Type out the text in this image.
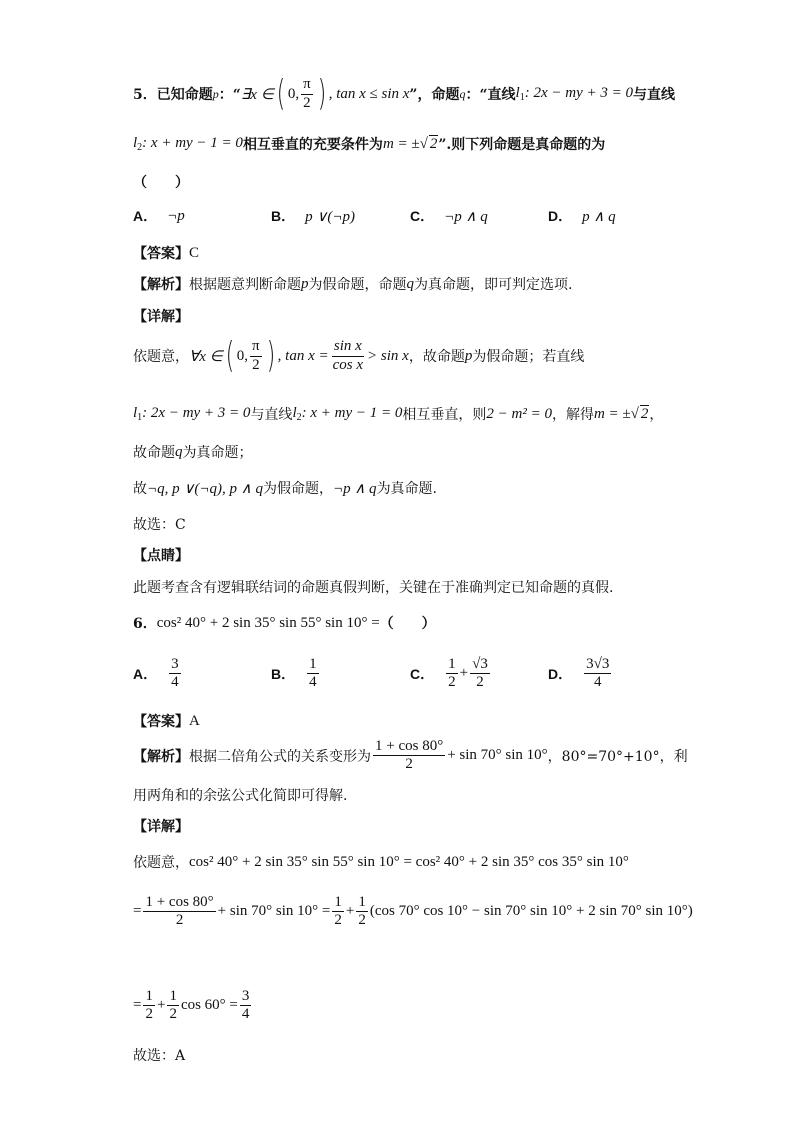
5． 已知命题 p ：“ ∃x ∈ ( 0, $\frac{\pi}{2}$ ) , tan x ≤ sin x ”，命题 q ：“直线 $l_1$: 2x − my + 3 = 0 与直线
$l_2$: x + my − 1 = 0 相互垂直的充要条件为 m = ±√ 2 ”.则下列命题是真命题的为
（　　）
A． ¬p	B． p ∨(¬p)	C． ¬p ∧ q	D． p ∧ q
【答案】 C
【解析】 根据题意判断命题 p 为假命题，命题 q 为真命题，即可判定选项.
【详解】
依题意， ∀x ∈ ( 0, $\frac{\pi}{2}$ ) , $\tan x = \frac{\text{sin x}}{\text{cos x}} > \sin x$ ，故命题 p 为假命题；若直线
$l_1$: 2x − my + 3 = 0 与直线 $l_2$: x + my − 1 = 0 相互垂直，则 2 − m² = 0 ，解得 m = ±√ 2 ，
故命题 q 为真命题；
故 ¬q, p ∨(¬q), p ∧ q 为假命题， ¬p ∧ q 为真命题.
故选：C
【点睛】
此题考查含有逻辑联结词的命题真假判断，关键在于准确判定已知命题的真假.
6． cos² 40° + 2 sin 35° sin 55° sin 10° = （　　）
A． $\frac{3}{4}$	B． $\frac{1}{4}$	C． $\frac{1}{2} + \frac{√3}{2}$	D． $\frac{3√3}{4}$
【答案】 A
【解析】 根据二倍角公式的关系变形为 $\frac{1 + \cos 80^\circ}{2} + \sin 70^\circ$ sin 10° ，80°=70°+10°，利
用两角和的余弦公式化简即可得解.
【详解】
依题意， cos² 40° + 2 sin 35° sin 55° sin 10° = cos² 40° + 2 sin 35° cos 35° sin 10°
= $\frac{1 + \cos 80^\circ}{2} + \sin 70^\circ$ $\sin 10^\circ = \frac{1}{2} + \frac{1}{2} (\cos$ 70° cos 10° − sin 70° sin 10° + 2 sin 70° sin 10°)
= $\frac{1}{2} + \frac{1}{2}$ $\cos 60^\circ = \frac{3}{4}$
故选：A
